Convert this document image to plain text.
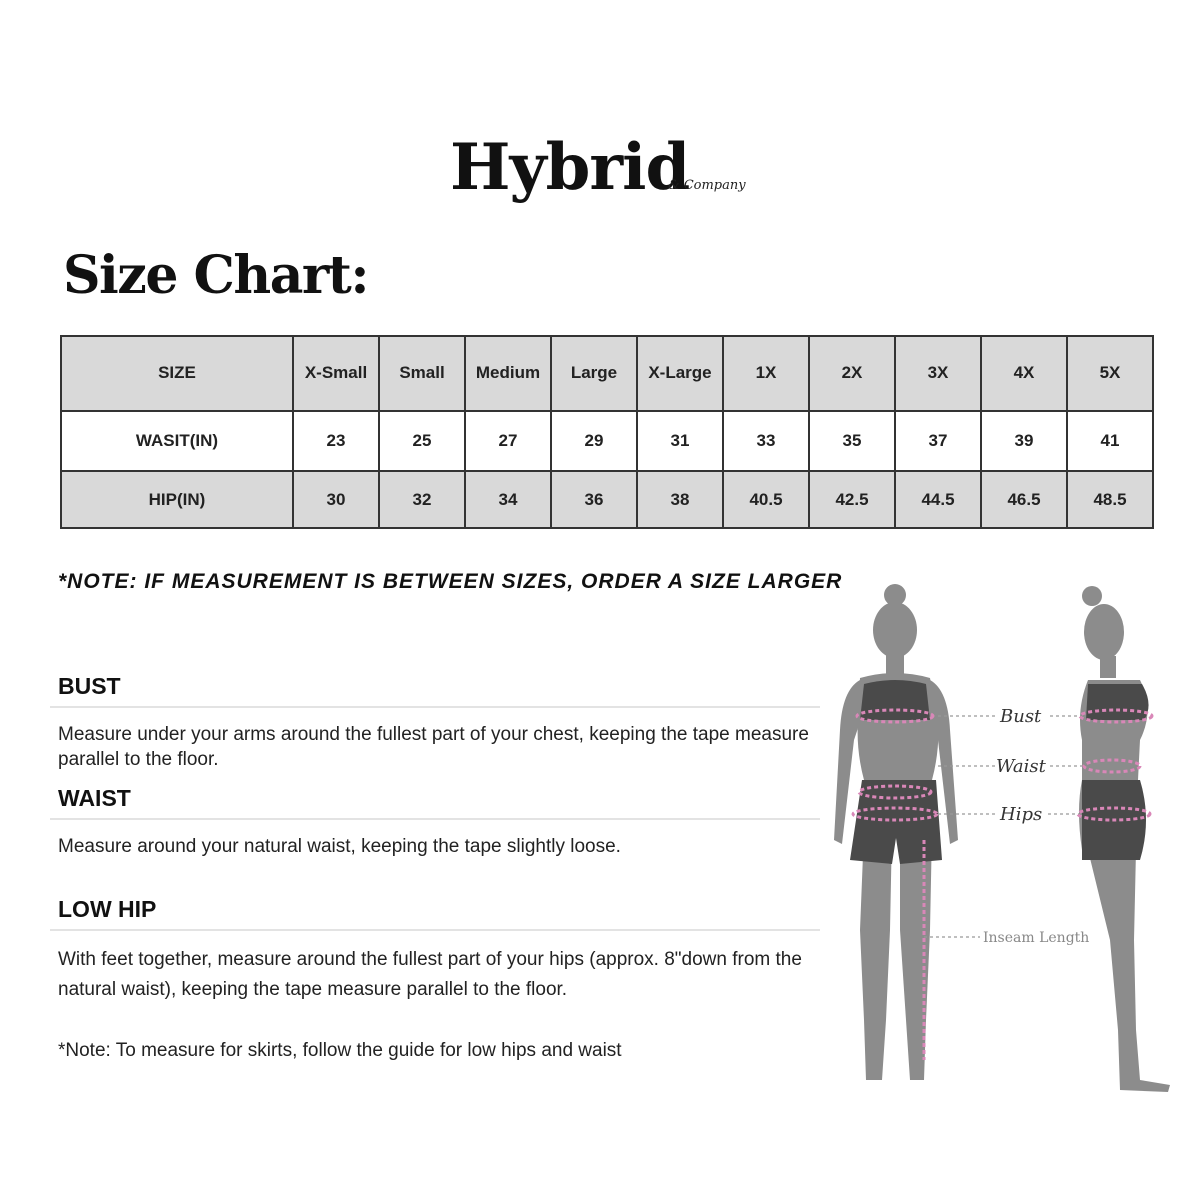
Hybrid
& Company
Size Chart:
SIZE	X-Small	Small	Medium	Large	X-Large	1X	2X	3X	4X	5X
WASIT(IN)	23	25	27	29	31	33	35	37	39	41
HIP(IN)	30	32	34	36	38	40.5	42.5	44.5	46.5	48.5
*NOTE: IF MEASUREMENT IS BETWEEN SIZES, ORDER A SIZE LARGER
BUST
Measure under your arms around the fullest part of your chest, keeping the tape measure parallel to the floor.
WAIST
Measure around your natural waist, keeping the tape slightly loose.
LOW HIP
With feet together, measure around the fullest part of your hips (approx. 8"down from the natural waist), keeping the tape measure parallel to the floor.
*Note: To measure for skirts, follow the guide for low hips and waist
Bust
Waist
Hips
Inseam Length
